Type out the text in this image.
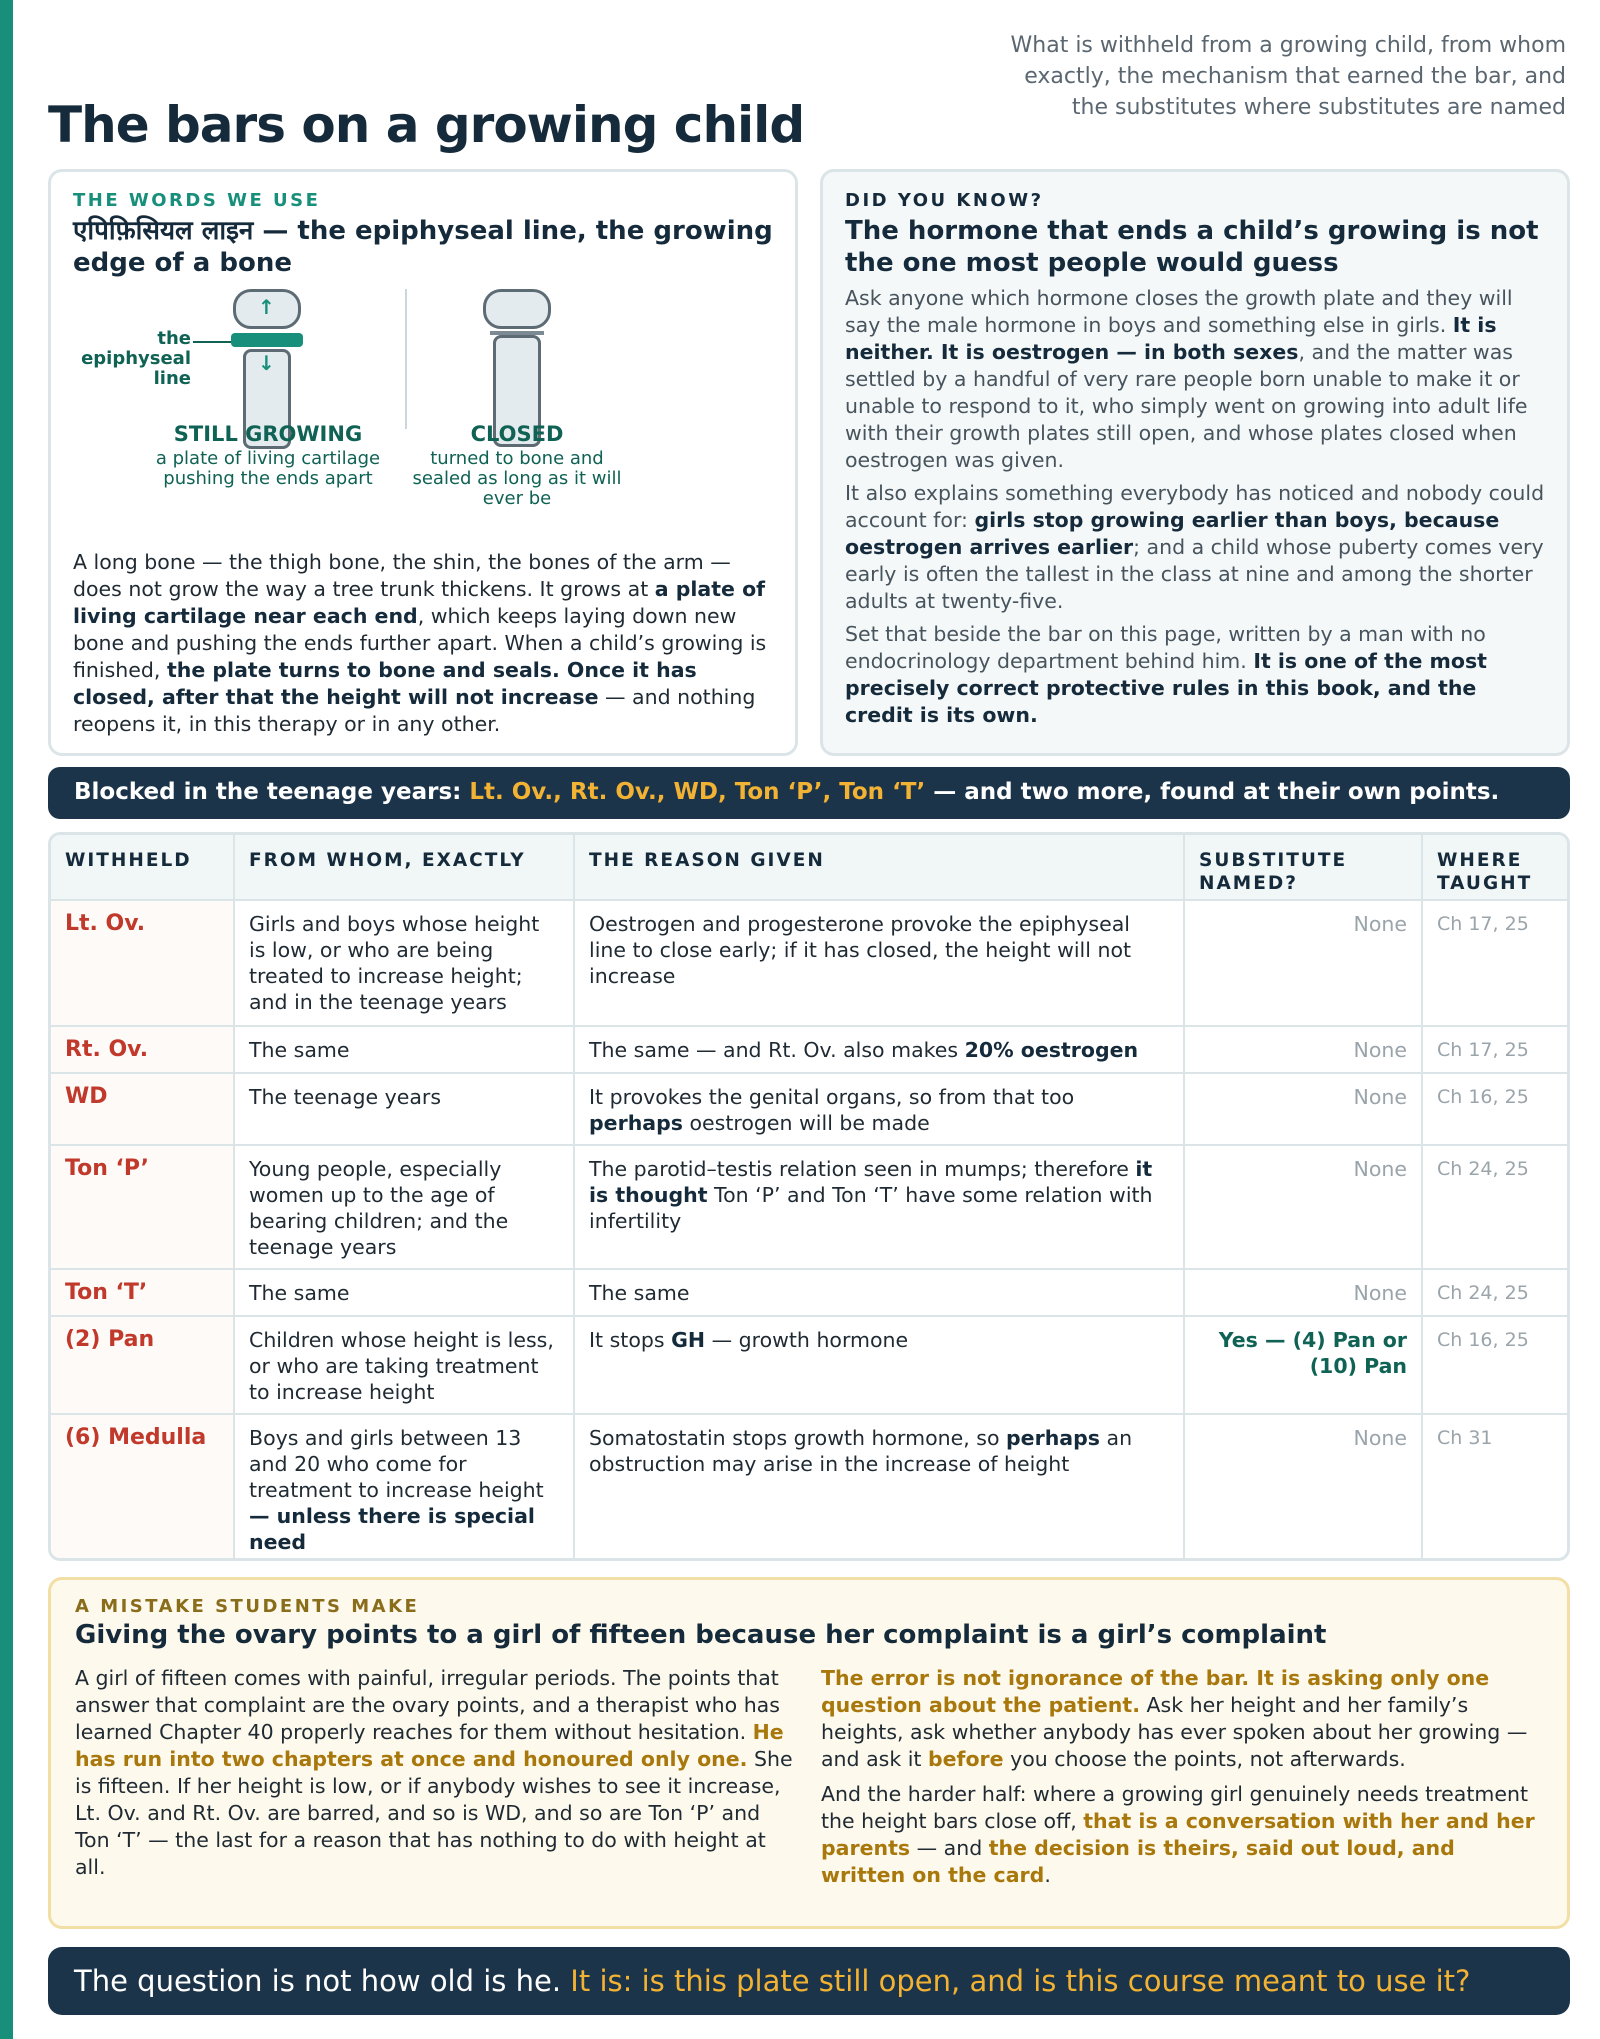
The bars on a growing child
What is withheld from a growing child, from whom exactly, the mechanism that earned the bar, and the substitutes where substitutes are named
THE WORDS WE USE
एपिफ़िसियल लाइन — the epiphyseal line, the growing edge of a bone
the epiphyseal line
↑
↓
STILL GROWING
a plate of living cartilage pushing the ends apart
CLOSED
turned to bone and sealed as long as it will ever be

A long bone — the thigh bone, the shin, the bones of the arm — does not grow the way a tree trunk thickens. It grows at a plate of living cartilage near each end, which keeps laying down new bone and pushing the ends further apart. When a child’s growing is finished, the plate turns to bone and seals. Once it has closed, after that the height will not increase — and nothing reopens it, in this therapy or in any other.

DID YOU KNOW?
The hormone that ends a child’s growing is not the one most people would guess

Ask anyone which hormone closes the growth plate and they will say the male hormone in boys and something else in girls. It is neither. It is oestrogen — in both sexes, and the matter was settled by a handful of very rare people born unable to make it or unable to respond to it, who simply went on growing into adult life with their growth plates still open, and whose plates closed when oestrogen was given.

It also explains something everybody has noticed and nobody could account for: girls stop growing earlier than boys, because oestrogen arrives earlier; and a child whose puberty comes very early is often the tallest in the class at nine and among the shorter adults at twenty-five.

Set that beside the bar on this page, written by a man with no endocrinology department behind him. It is one of the most precisely correct protective rules in this book, and the credit is its own.

Blocked in the teenage years: Lt. Ov., Rt. Ov., WD, Ton ‘P’, Ton ‘T’ — and two more, found at their own points.
WITHHELD	FROM WHOM, EXACTLY	THE REASON GIVEN	SUBSTITUTE NAMED?	WHERE TAUGHT
Lt. Ov.	Girls and boys whose height is low, or who are being treated to increase height; and in the teenage years	Oestrogen and progesterone provoke the epiphyseal line to close early; if it has closed, the height will not increase	None	Ch 17, 25
Rt. Ov.	The same	The same — and Rt. Ov. also makes 20% oestrogen	None	Ch 17, 25
WD	The teenage years	It provokes the genital organs, so from that too perhaps oestrogen will be made	None	Ch 16, 25
Ton ‘P’	Young people, especially women up to the age of bearing children; and the teenage years	The parotid–testis relation seen in mumps; therefore it is thought Ton ‘P’ and Ton ‘T’ have some relation with infertility	None	Ch 24, 25
Ton ‘T’	The same	The same	None	Ch 24, 25
(2) Pan	Children whose height is less, or who are taking treatment to increase height	It stops GH — growth hormone	Yes — (4) Pan or (10) Pan	Ch 16, 25
(6) Medulla	Boys and girls between 13 and 20 who come for treatment to increase height — unless there is special need	Somatostatin stops growth hormone, so perhaps an obstruction may arise in the increase of height	None	Ch 31
A MISTAKE STUDENTS MAKE
Giving the ovary points to a girl of fifteen because her complaint is a girl’s complaint

A girl of fifteen comes with painful, irregular periods. The points that answer that complaint are the ovary points, and a therapist who has learned Chapter 40 properly reaches for them without hesitation. He has run into two chapters at once and honoured only one. She is fifteen. If her height is low, or if anybody wishes to see it increase, Lt. Ov. and Rt. Ov. are barred, and so is WD, and so are Ton ‘P’ and Ton ‘T’ — the last for a reason that has nothing to do with height at all.

The error is not ignorance of the bar. It is asking only one question about the patient. Ask her height and her family’s heights, ask whether anybody has ever spoken about her growing — and ask it before you choose the points, not afterwards.

And the harder half: where a growing girl genuinely needs treatment the height bars close off, that is a conversation with her and her parents — and the decision is theirs, said out loud, and written on the card.

The question is not how old is he. It is: is this plate still open, and is this course meant to use it?
